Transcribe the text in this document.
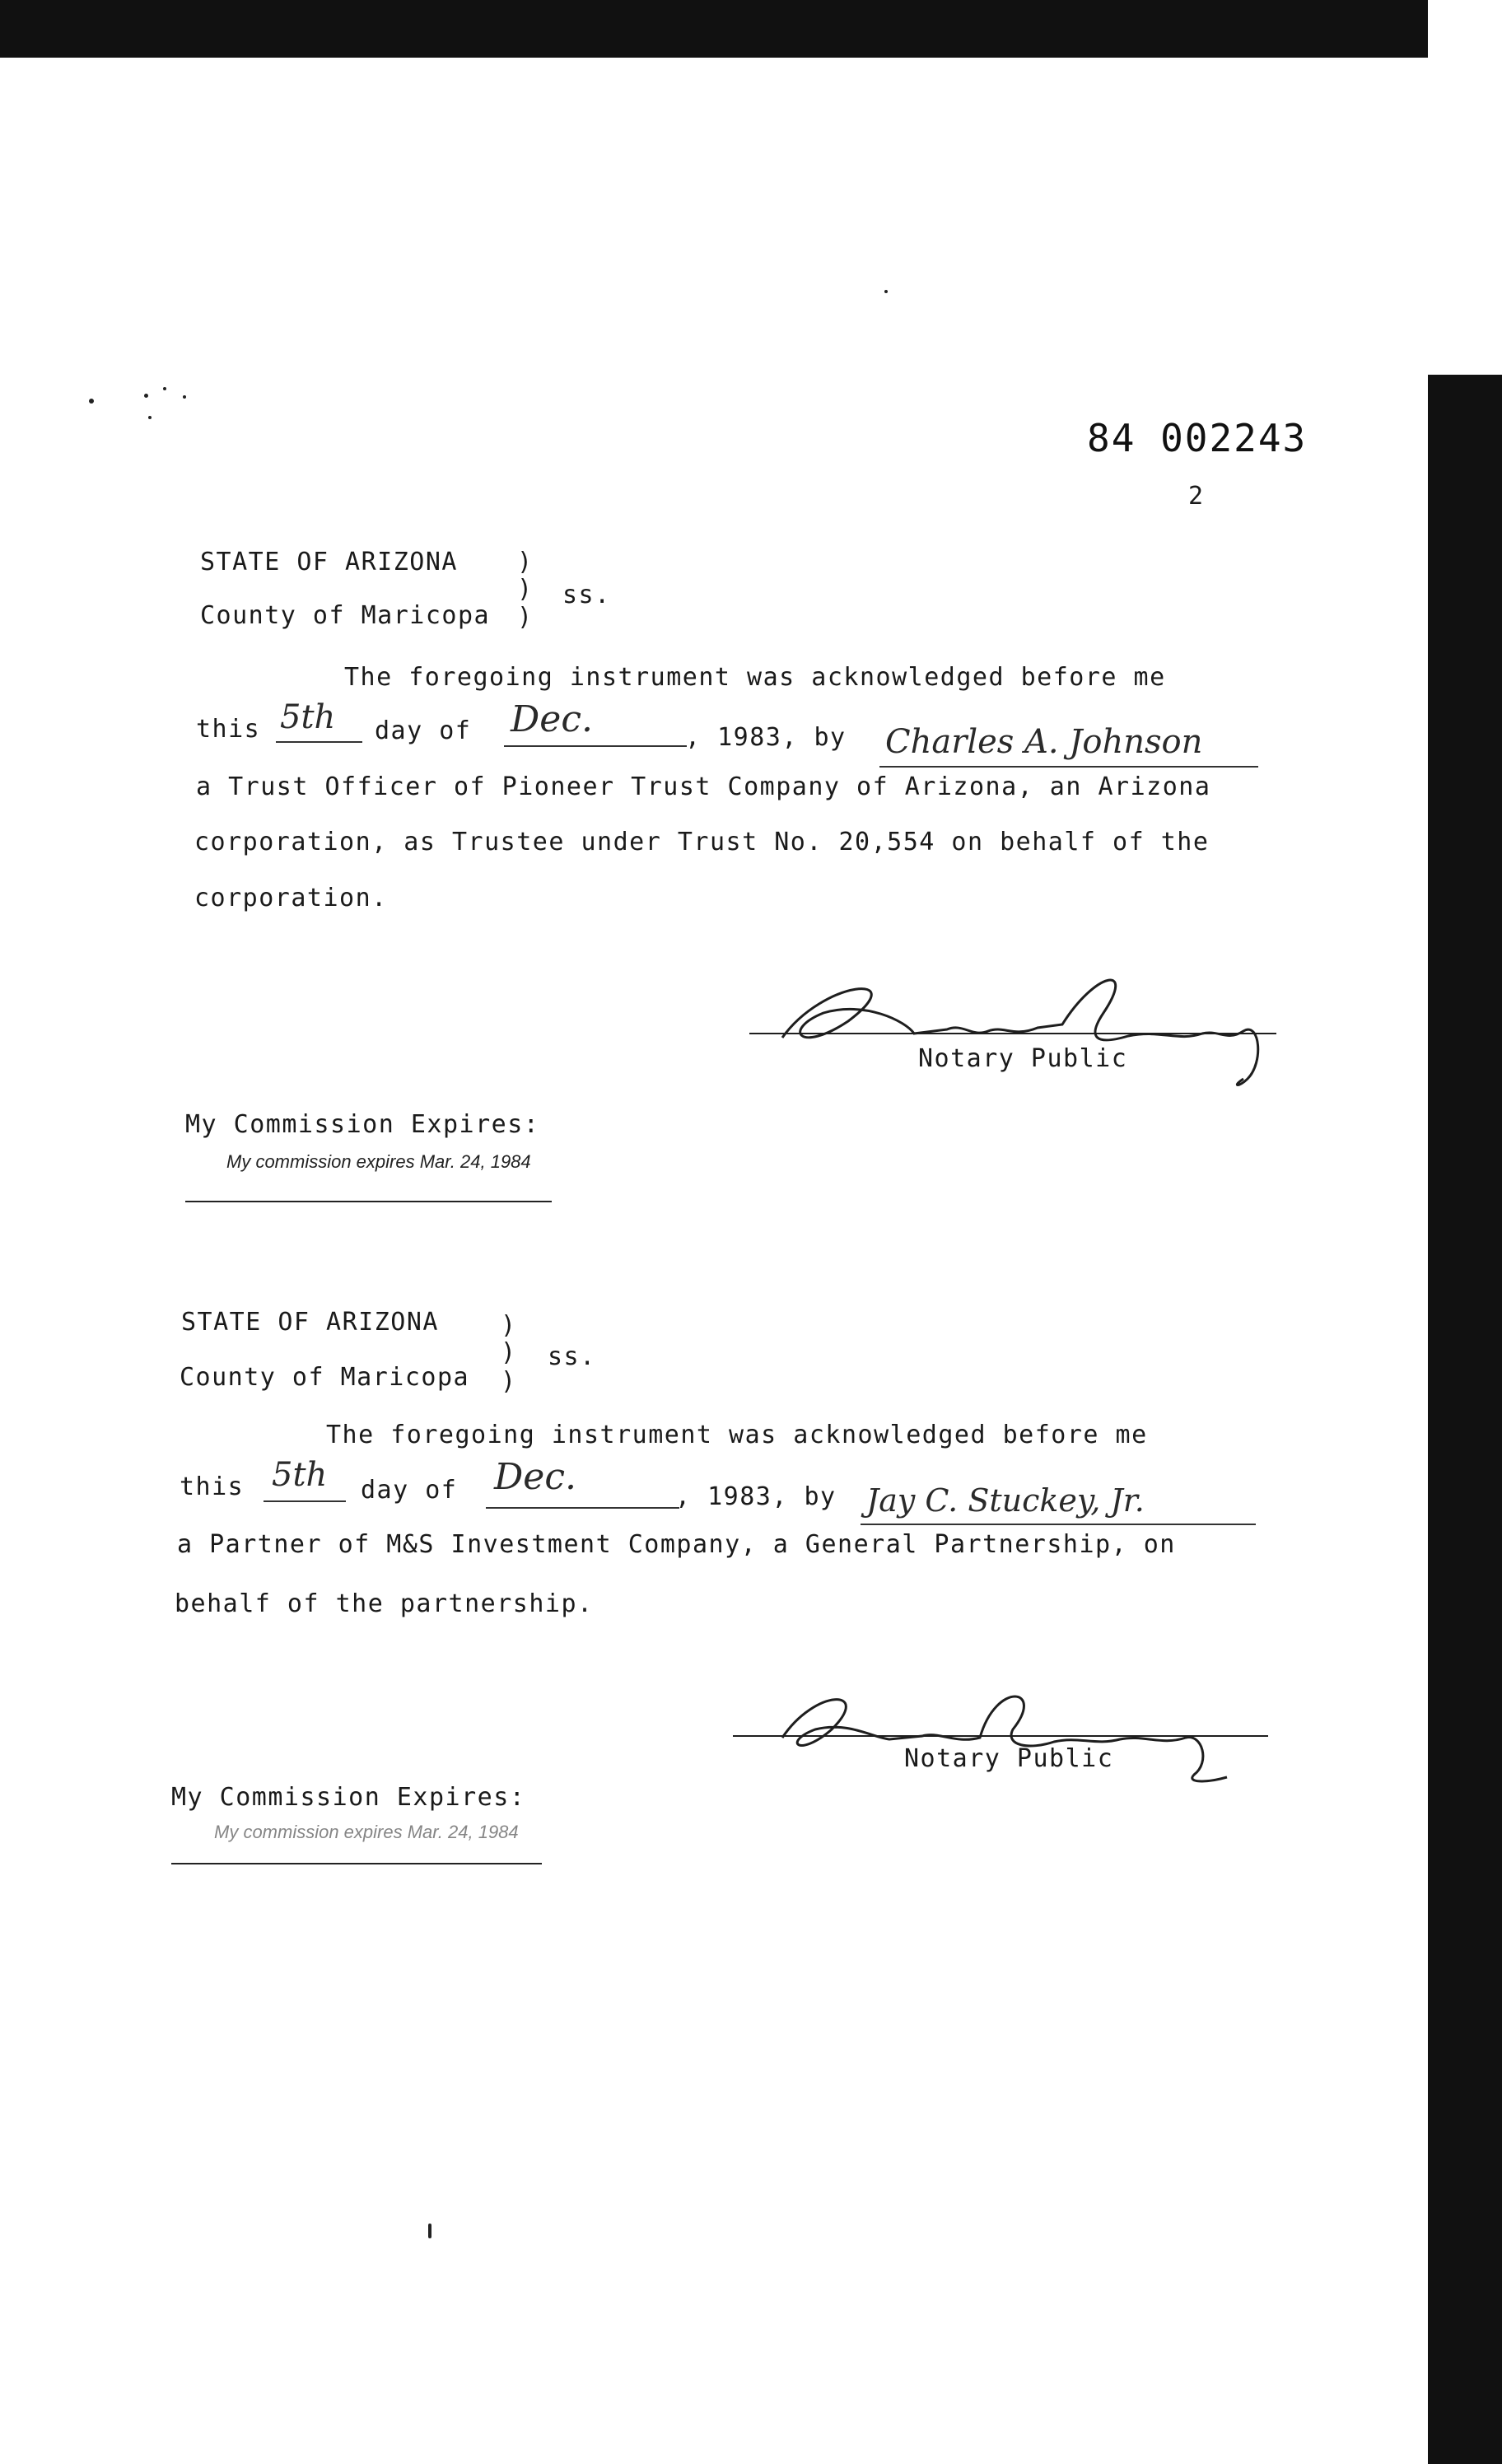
84 002243
2
STATE OF ARIZONA
County of Maricopa
)
)
)
ss.
The foregoing instrument was acknowledged before me
this 5th day of Dec.	, 1983, by Charles A. Johnson
a Trust Officer of Pioneer Trust Company of Arizona, an Arizona
corporation, as Trustee under Trust No. 20,554 on behalf of the
corporation.
Notary Public
My Commission Expires:
My commission expires Mar. 24, 1984
STATE OF ARIZONA
County of Maricopa
)
)
)
ss.
The foregoing instrument was acknowledged before me
this 5th day of Dec.	, 1983, by Jay C. Stuckey, Jr.
a Partner of M&S Investment Company, a General Partnership, on
behalf of the partnership.
Notary Public
My Commission Expires:
My commission expires Mar. 24, 1984
